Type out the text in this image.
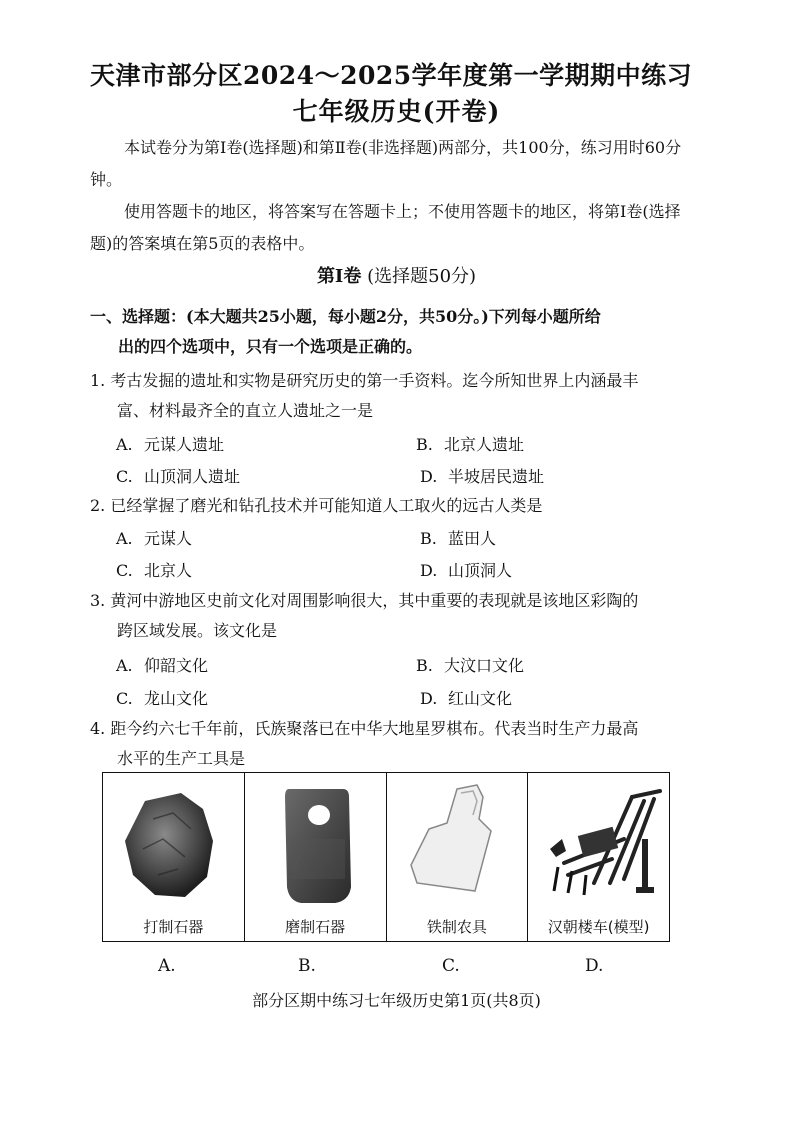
天津市部分区2024～2025学年度第一学期期中练习
七年级历史(开卷)
本试卷分为第Ⅰ卷(选择题)和第Ⅱ卷(非选择题)两部分，共100分，练习用时60分钟。
使用答题卡的地区，将答案写在答题卡上；不使用答题卡的地区，将第Ⅰ卷(选择题)的答案填在第5页的表格中。
第Ⅰ卷 (选择题50分)
一、选择题：(本大题共25小题，每小题2分，共50分。)下列每小题所给
出的四个选项中，只有一个选项是正确的。
1. 考古发掘的遗址和实物是研究历史的第一手资料。迄今所知世界上内涵最丰
富、材料最齐全的直立人遗址之一是
A. 元谋人遗址	B. 北京人遗址
C. 山顶洞人遗址	D. 半坡居民遗址
2. 已经掌握了磨光和钻孔技术并可能知道人工取火的远古人类是
A. 元谋人	B. 蓝田人
C. 北京人	D. 山顶洞人
3. 黄河中游地区史前文化对周围影响很大，其中重要的表现就是该地区彩陶的
跨区域发展。该文化是
A. 仰韶文化	B. 大汶口文化
C. 龙山文化	D. 红山文化
4. 距今约六七千年前，氏族聚落已在中华大地星罗棋布。代表当时生产力最高
水平的生产工具是
打制石器	磨制石器	铁制农具	汉朝楼车(模型)
A.	B.	C.	D.
部分区期中练习七年级历史第1页(共8页)
